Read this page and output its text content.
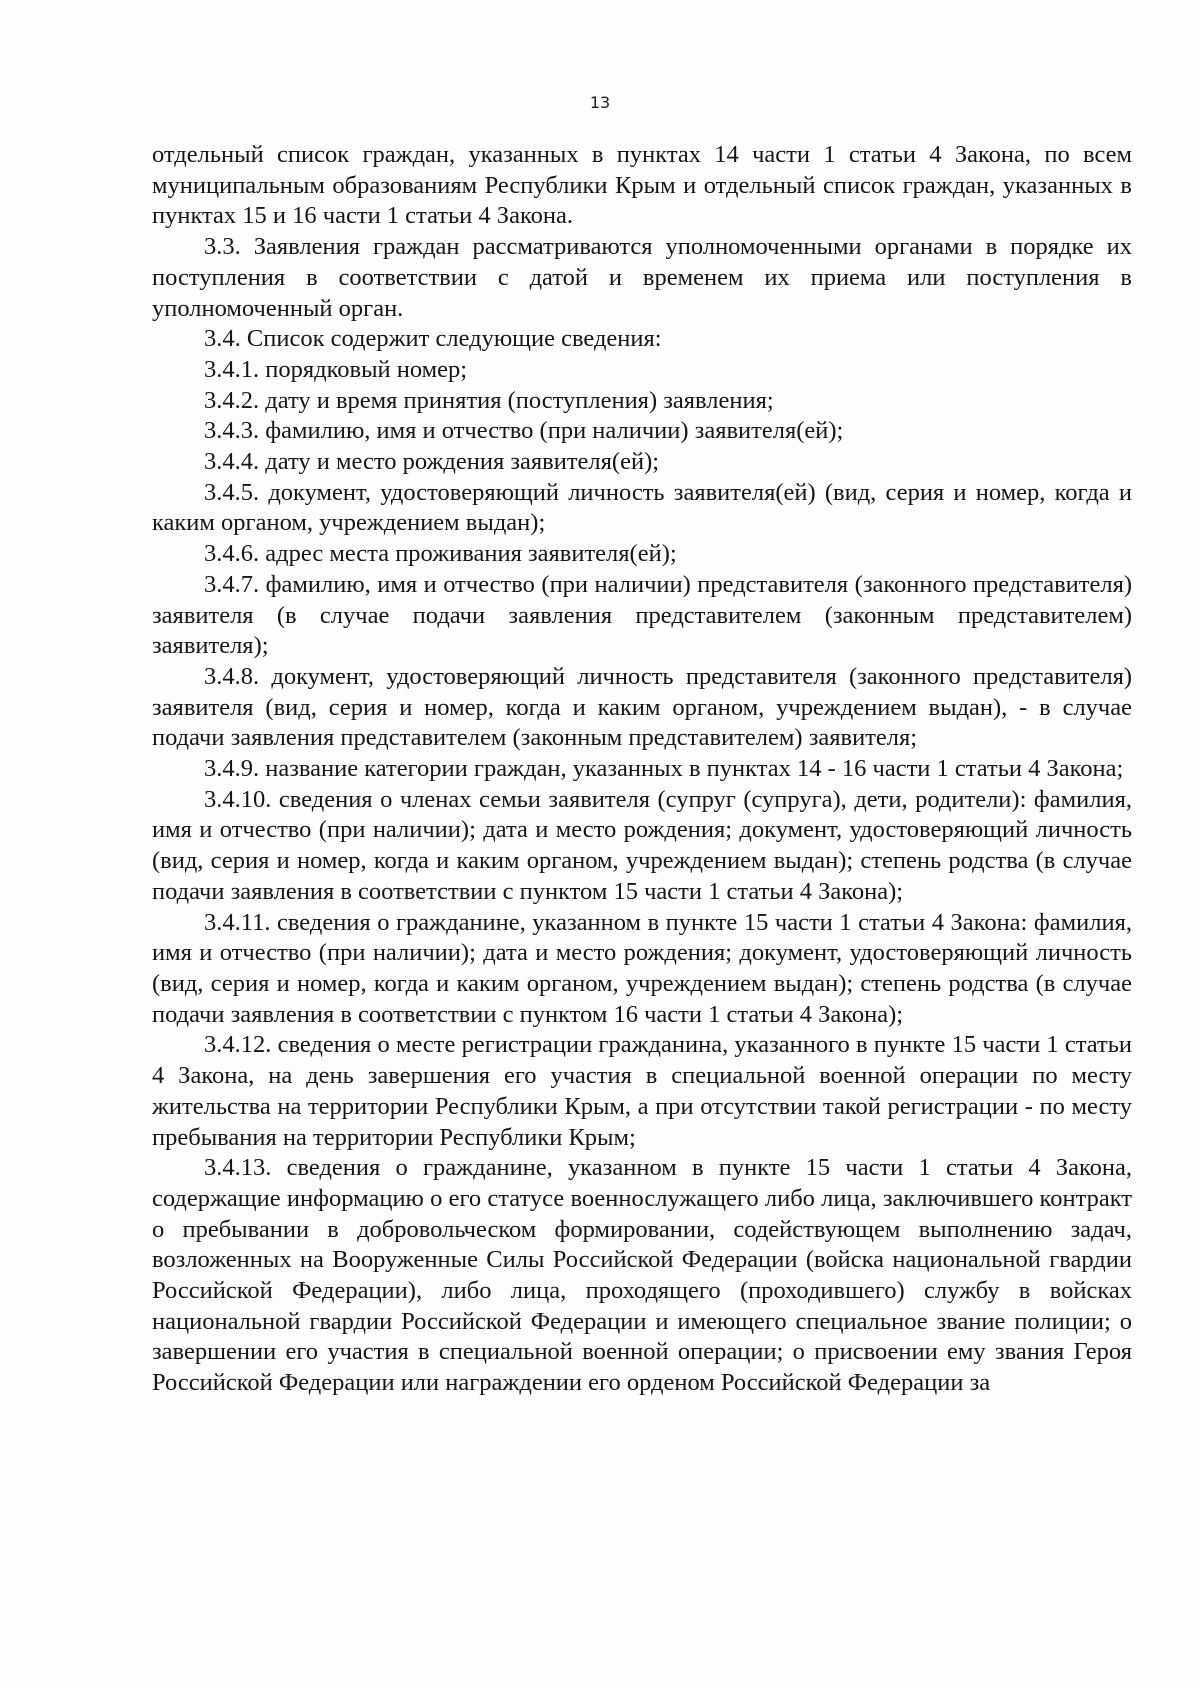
13

отдельный список граждан, указанных в пунктах 14 части 1 статьи 4 Закона, по всем муниципальным образованиям Республики Крым и отдельный список граждан, указанных в пунктах 15 и 16 части 1 статьи 4 Закона.

3.3. Заявления граждан рассматриваются уполномоченными органами в порядке их поступления в соответствии с датой и временем их приема или поступления в уполномоченный орган.

3.4. Список содержит следующие сведения:

3.4.1. порядковый номер;

3.4.2. дату и время принятия (поступления) заявления;

3.4.3. фамилию, имя и отчество (при наличии) заявителя(ей);

3.4.4. дату и место рождения заявителя(ей);

3.4.5. документ, удостоверяющий личность заявителя(ей) (вид, серия и номер, когда и каким органом, учреждением выдан);

3.4.6. адрес места проживания заявителя(ей);

3.4.7. фамилию, имя и отчество (при наличии) представителя (законного представителя) заявителя (в случае подачи заявления представителем (законным представителем) заявителя);

3.4.8. документ, удостоверяющий личность представителя (законного представителя) заявителя (вид, серия и номер, когда и каким органом, учреждением выдан), - в случае подачи заявления представителем (законным представителем) заявителя;

3.4.9. название категории граждан, указанных в пунктах 14 - 16 части 1 статьи 4 Закона;

3.4.10. сведения о членах семьи заявителя (супруг (супруга), дети, родители): фамилия, имя и отчество (при наличии); дата и место рождения; документ, удостоверяющий личность (вид, серия и номер, когда и каким органом, учреждением выдан); степень родства (в случае подачи заявления в соответствии с пунктом 15 части 1 статьи 4 Закона);

3.4.11. сведения о гражданине, указанном в пункте 15 части 1 статьи 4 Закона: фамилия, имя и отчество (при наличии); дата и место рождения; документ, удостоверяющий личность (вид, серия и номер, когда и каким органом, учреждением выдан); степень родства (в случае подачи заявления в соответствии с пунктом 16 части 1 статьи 4 Закона);

3.4.12. сведения о месте регистрации гражданина, указанного в пункте 15 части 1 статьи 4 Закона, на день завершения его участия в специальной военной операции по месту жительства на территории Республики Крым, а при отсутствии такой регистрации - по месту пребывания на территории Республики Крым;

3.4.13. сведения о гражданине, указанном в пункте 15 части 1 статьи 4 Закона, содержащие информацию о его статусе военнослужащего либо лица, заключившего контракт о пребывании в добровольческом формировании, содействующем выполнению задач, возложенных на Вооруженные Силы Российской Федерации (войска национальной гвардии Российской Федерации), либо лица, проходящего (проходившего) службу в войсках национальной гвардии Российской Федерации и имеющего специальное звание полиции; о завершении его участия в специальной военной операции; о присвоении ему звания Героя Российской Федерации или награждении его орденом Российской Федерации за
